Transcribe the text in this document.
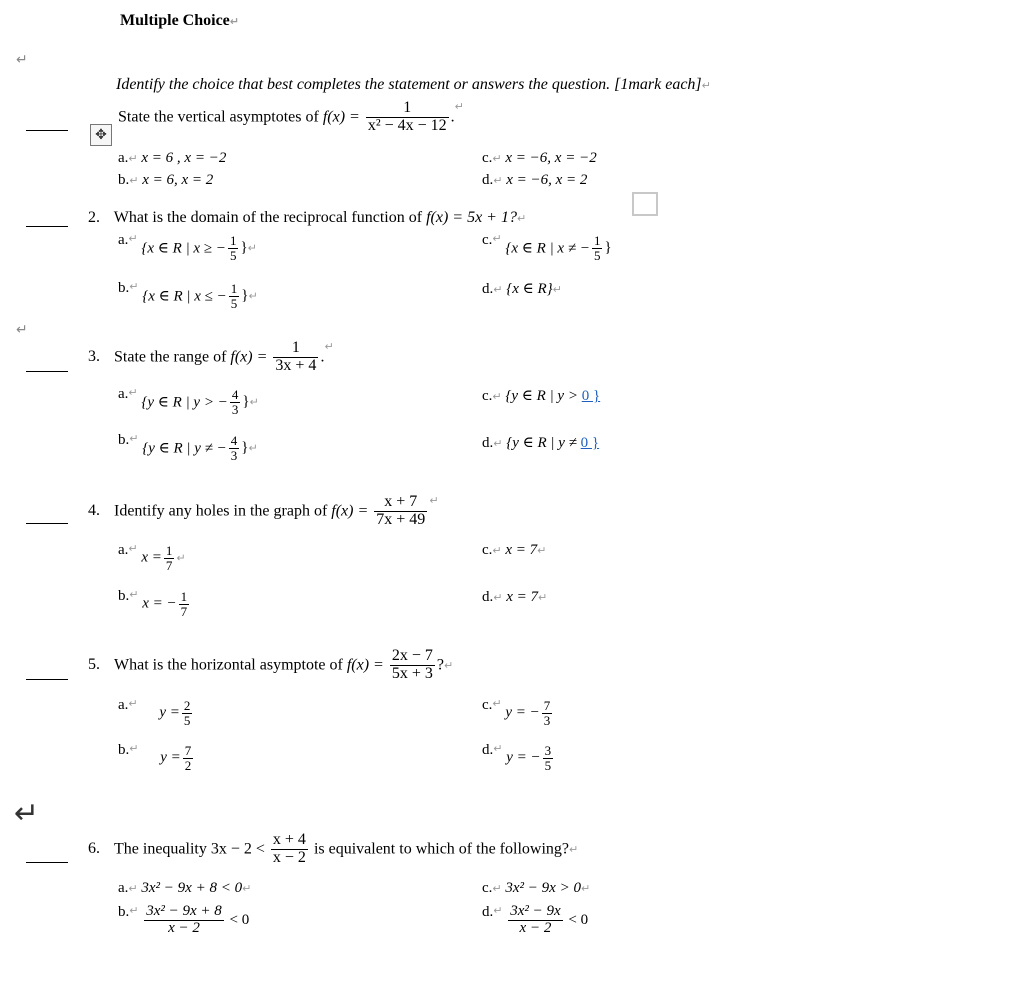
Multiple Choice↵
↵
Identify the choice that best completes the statement or answers the question. [1mark each]↵
✥
State the vertical asymptotes of $f(x) = \frac{1}{\text{x² − 4x − 12}} .^↵$
a.↵ x = 6 , x = −2
b.↵ x = 6, x = 2
c.↵ x = −6, x = −2
d.↵ x = −6, x = 2
2. What is the domain of the reciprocal function of f(x) = 5x + 1?↵
a.↵ {x ∈ R | x ≥ − $\frac{1}{5}$ }↵
b.↵ {x ∈ R | x ≤ − $\frac{1}{5}$ }↵
c.↵ {x ∈ R | x ≠ − $\frac{1}{5}$ }
d.↵ {x ∈ R}↵
↵
3. State the range of $f(x) = \frac{1}{3x + 4} .^↵$
a.↵ {y ∈ R | y > − $\frac{4}{3}$ }↵
b.↵ {y ∈ R | y ≠ − $\frac{4}{3}$ }↵
c.↵ {y ∈ R | y > 0 }
d.↵ {y ∈ R | y ≠ 0 }
4. Identify any holes in the graph of $f(x) = \frac{x + 7}{7x + 49} ^↵$
a.↵ $x = \frac{1}{7}$ ↵
b.↵ x = − $\frac{1}{7}$
c.↵ x = 7↵
d.↵ x = 7↵
5. What is the horizontal asymptote of $f(x) = \frac{2x - 7}{5x + 3}$ ?↵
a.↵ $y = \frac{2}{5}$
b.↵ $y = \frac{7}{2}$
c.↵ y = − $\frac{7}{3}$
d.↵ y = − $\frac{3}{5}$
↵
6. The inequality $3x - 2 < \frac{x + 4}{x - 2}$ is equivalent to which of the following?↵
a.↵ 3x² − 9x + 8 < 0↵
$b.^↵ \frac{\text{3x² − 9x + 8}}{x - 2} < 0$
c.↵ 3x² − 9x > 0↵
$d.^↵ \frac{\text{3x² − 9x}}{x - 2} < 0$
